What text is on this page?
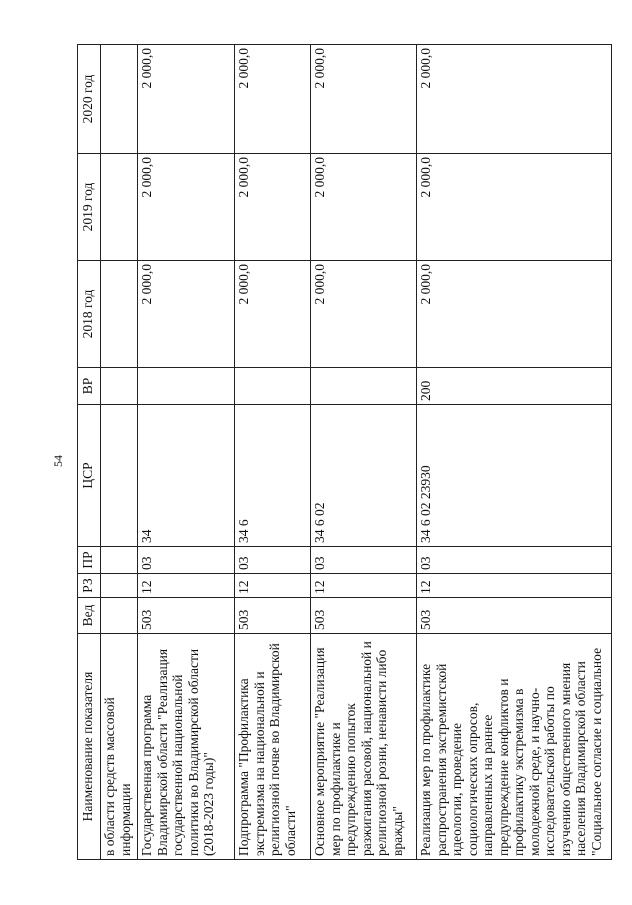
54
Наименование показателя	Вед	РЗ	ПР	ЦСР	ВР	2018 год	2019 год	2020 год
в области средств массовой информации								
Государственная программа Владимирской области "Реализация государственной национальной политики во Владимирской области (2018-2023 годы)"	503	12	03	34		2 000,0	2 000,0	2 000,0
Подпрограмма "Профилактика экстремизма на национальной и религиозной почве во Владимирской области"	503	12	03	34 6		2 000,0	2 000,0	2 000,0
Основное мероприятие "Реализация мер по профилактике и предупреждению попыток разжигания расовой, национальной и религиозной розни, ненависти либо вражды"	503	12	03	34 6 02		2 000,0	2 000,0	2 000,0
Реализация мер по профилактике распространения экстремистской идеологии, проведение социологических опросов, направленных на раннее предупреждение конфликтов и профилактику экстремизма в молодежной среде, и научно-исследовательской работы по изучению общественного мнения населения Владимирской области "Социальное согласие и социальное	503	12	03	34 6 02 23930	200	2 000,0	2 000,0	2 000,0
